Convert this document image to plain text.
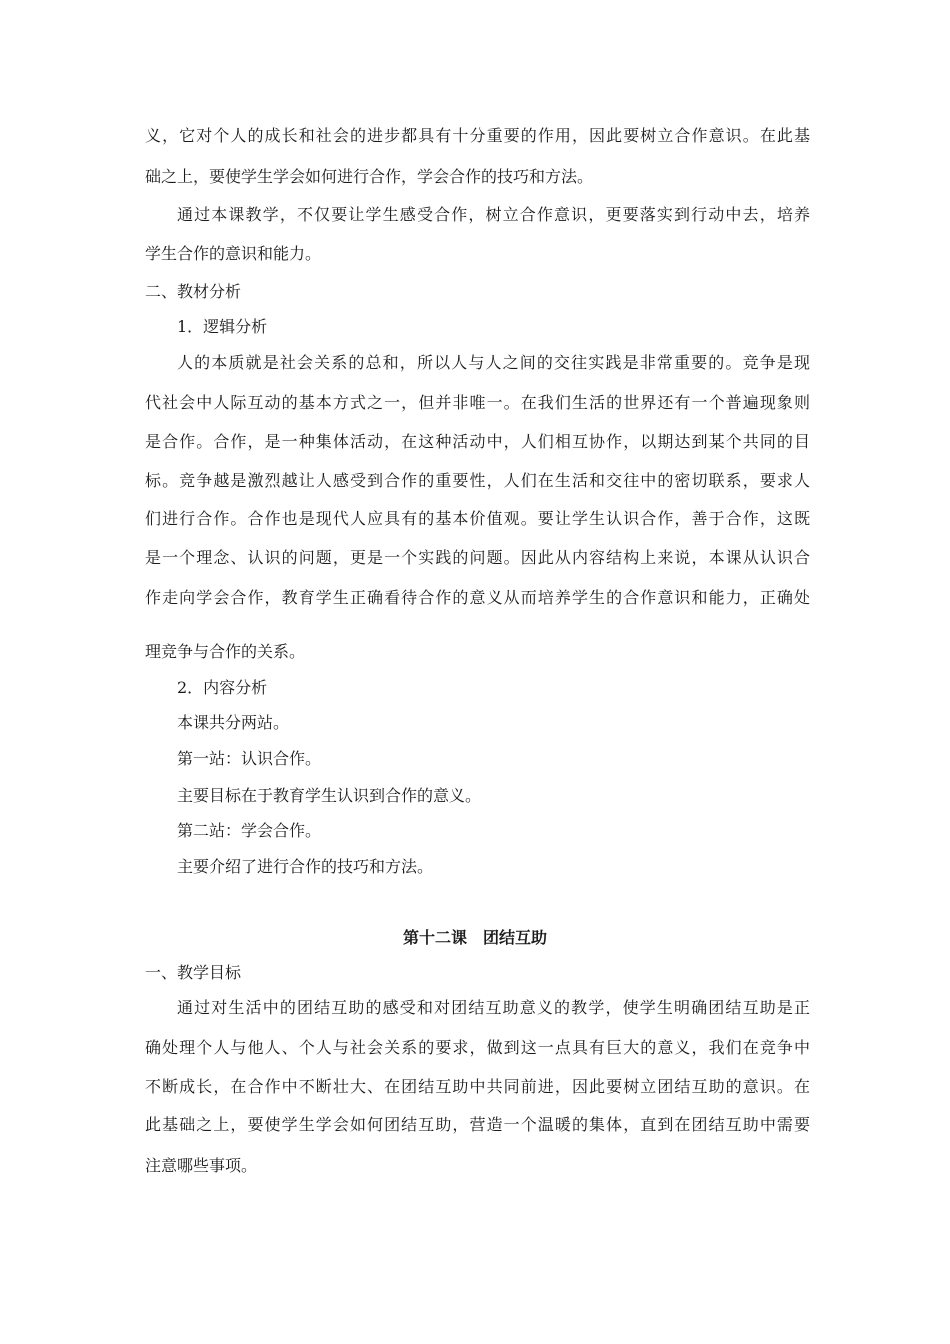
义，它对个人的成长和社会的进步都具有十分重要的作用，因此要树立合作意识。在此基
础之上，要使学生学会如何进行合作，学会合作的技巧和方法。
通过本课教学，不仅要让学生感受合作，树立合作意识，更要落实到行动中去，培养
学生合作的意识和能力。
二、教材分析
1．逻辑分析
人的本质就是社会关系的总和，所以人与人之间的交往实践是非常重要的。竞争是现
代社会中人际互动的基本方式之一，但并非唯一。在我们生活的世界还有一个普遍现象则
是合作。合作，是一种集体活动，在这种活动中，人们相互协作，以期达到某个共同的目
标。竞争越是激烈越让人感受到合作的重要性，人们在生活和交往中的密切联系，要求人
们进行合作。合作也是现代人应具有的基本价值观。要让学生认识合作，善于合作，这既
是一个理念、认识的问题，更是一个实践的问题。因此从内容结构上来说，本课从认识合
作走向学会合作，教育学生正确看待合作的意义从而培养学生的合作意识和能力，正确处
理竞争与合作的关系。
2．内容分析
本课共分两站。
第一站：认识合作。
主要目标在于教育学生认识到合作的意义。
第二站：学会合作。
主要介绍了进行合作的技巧和方法。
第十二课　团结互助
一、教学目标
通过对生活中的团结互助的感受和对团结互助意义的教学，使学生明确团结互助是正
确处理个人与他人、个人与社会关系的要求，做到这一点具有巨大的意义，我们在竞争中
不断成长，在合作中不断壮大、在团结互助中共同前进，因此要树立团结互助的意识。在
此基础之上，要使学生学会如何团结互助，营造一个温暖的集体，直到在团结互助中需要
注意哪些事项。
